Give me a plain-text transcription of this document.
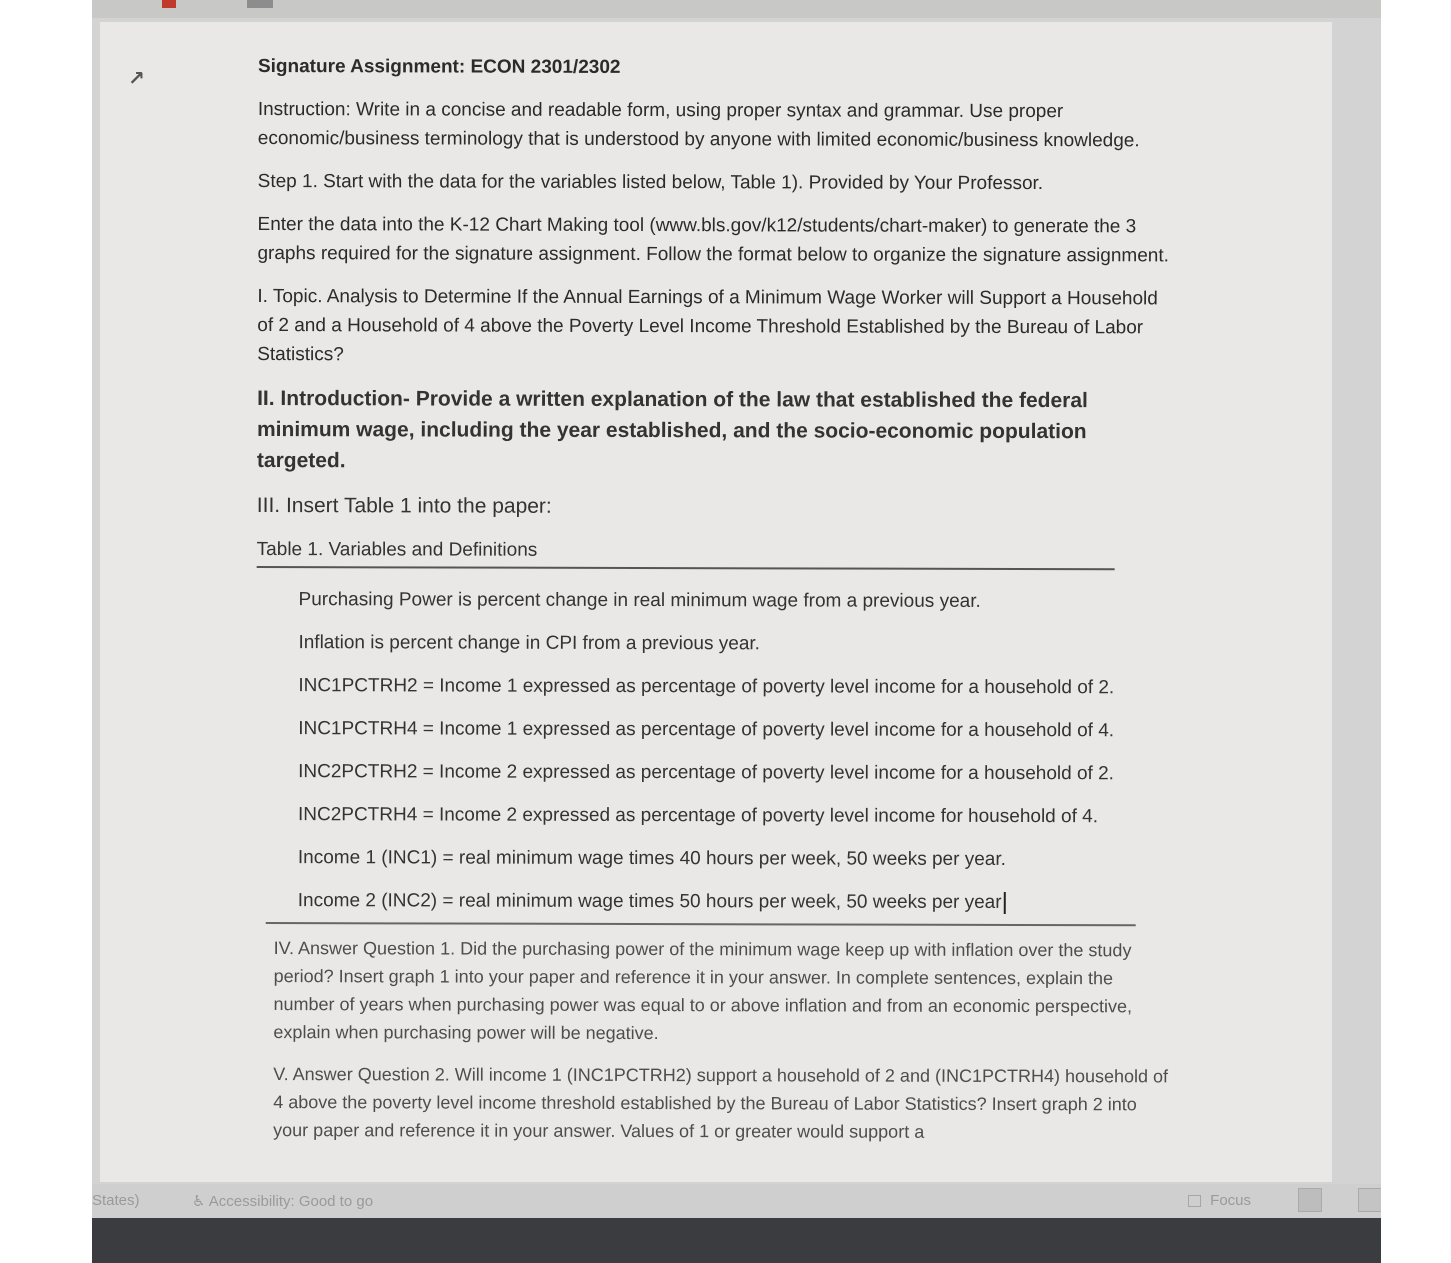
↗

Signature Assignment: ECON 2301/2302

Instruction: Write in a concise and readable form, using proper syntax and grammar. Use proper economic/business terminology that is understood by anyone with limited economic/business knowledge.

Step 1. Start with the data for the variables listed below, Table 1). Provided by Your Professor.

Enter the data into the K-12 Chart Making tool (www.bls.gov/k12/students/chart-maker) to generate the 3 graphs required for the signature assignment. Follow the format below to organize the signature assignment.

I. Topic. Analysis to Determine If the Annual Earnings of a Minimum Wage Worker will Support a Household of 2 and a Household of 4 above the Poverty Level Income Threshold Established by the Bureau of Labor Statistics?

II. Introduction- Provide a written explanation of the law that established the federal minimum wage, including the year established, and the socio-economic population targeted.

III. Insert Table 1 into the paper:

Table 1. Variables and Definitions

Purchasing Power is percent change in real minimum wage from a previous year.
Inflation is percent change in CPI from a previous year.
INC1PCTRH2 = Income 1 expressed as percentage of poverty level income for a household of 2.
INC1PCTRH4 = Income 1 expressed as percentage of poverty level income for a household of 4.
INC2PCTRH2 = Income 2 expressed as percentage of poverty level income for a household of 2.
INC2PCTRH4 = Income 2 expressed as percentage of poverty level income for household of 4.
Income 1 (INC1) = real minimum wage times 40 hours per week, 50 weeks per year.
Income 2 (INC2) = real minimum wage times 50 hours per week, 50 weeks per year

IV. Answer Question 1. Did the purchasing power of the minimum wage keep up with inflation over the study period? Insert graph 1 into your paper and reference it in your answer. In complete sentences, explain the number of years when purchasing power was equal to or above inflation and from an economic perspective, explain when purchasing power will be negative.

V. Answer Question 2. Will income 1 (INC1PCTRH2) support a household of 2 and (INC1PCTRH4) household of 4 above the poverty level income threshold established by the Bureau of Labor Statistics? Insert graph 2 into your paper and reference it in your answer. Values of 1 or greater would support a

States)	♿ Accessibility: Good to go	Focus
